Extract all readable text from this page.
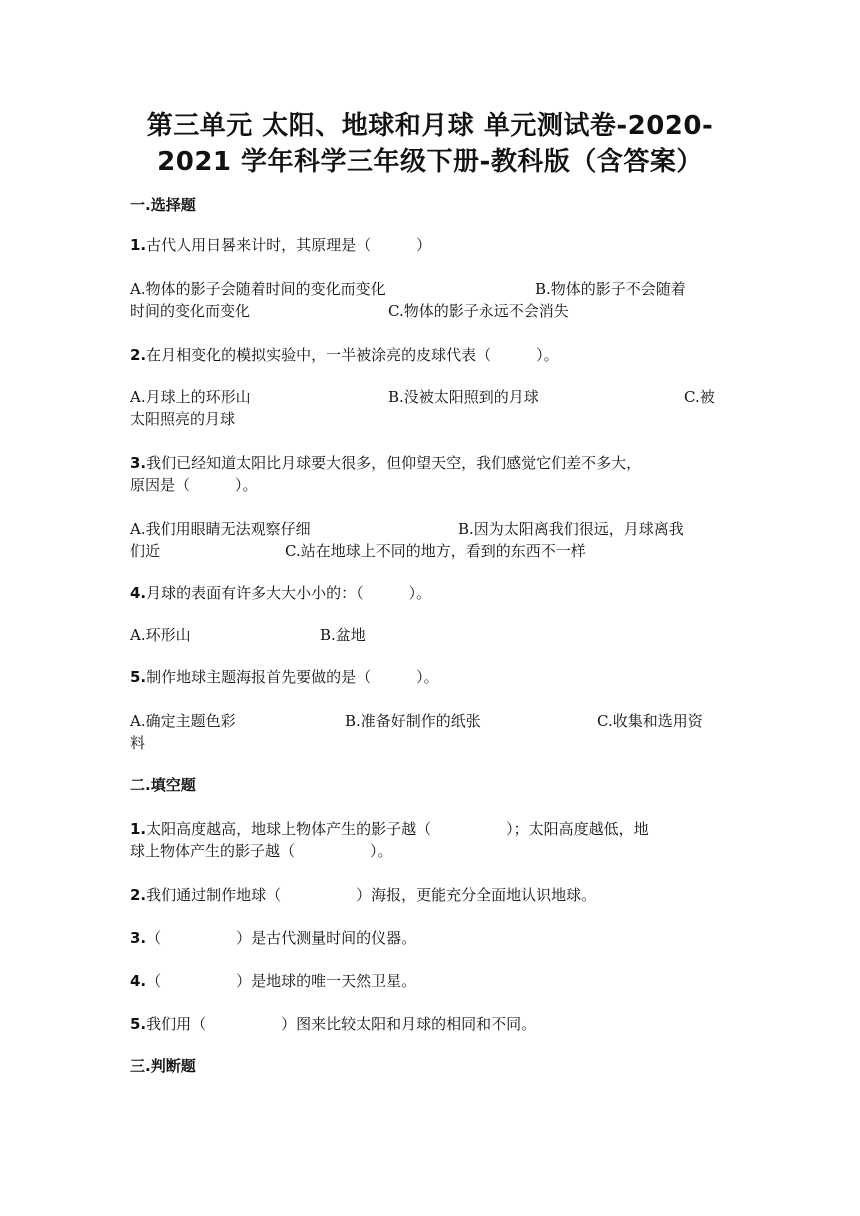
第三单元 太阳、地球和月球 单元测试卷-2020-
2021 学年科学三年级下册-教科版（含答案）
一.选择题
1.古代人用日晷来计时，其原理是（　　　）
A.物体的影子会随着时间的变化而变化	B.物体的影子不会随着
时间的变化而变化	C.物体的影子永远不会消失
2.在月相变化的模拟实验中，一半被涂亮的皮球代表（　　　）。
A.月球上的环形山	B.没被太阳照到的月球	C.被
太阳照亮的月球
3.我们已经知道太阳比月球要大很多，但仰望天空，我们感觉它们差不多大，
原因是（　　　）。
A.我们用眼睛无法观察仔细	B.因为太阳离我们很远，月球离我
们近	C.站在地球上不同的地方，看到的东西不一样
4.月球的表面有许多大大小小的：（　　　）。
A.环形山	B.盆地
5.制作地球主题海报首先要做的是（　　　）。
A.确定主题色彩	B.准备好制作的纸张	C.收集和选用资
料
二.填空题
1.太阳高度越高，地球上物体产生的影子越（　　　　　）；太阳高度越低，地
球上物体产生的影子越（　　　　　）。
2.我们通过制作地球（　　　　　）海报，更能充分全面地认识地球。
3.（　　　　　）是古代测量时间的仪器。
4.（　　　　　）是地球的唯一天然卫星。
5.我们用（　　　　　）图来比较太阳和月球的相同和不同。
三.判断题
